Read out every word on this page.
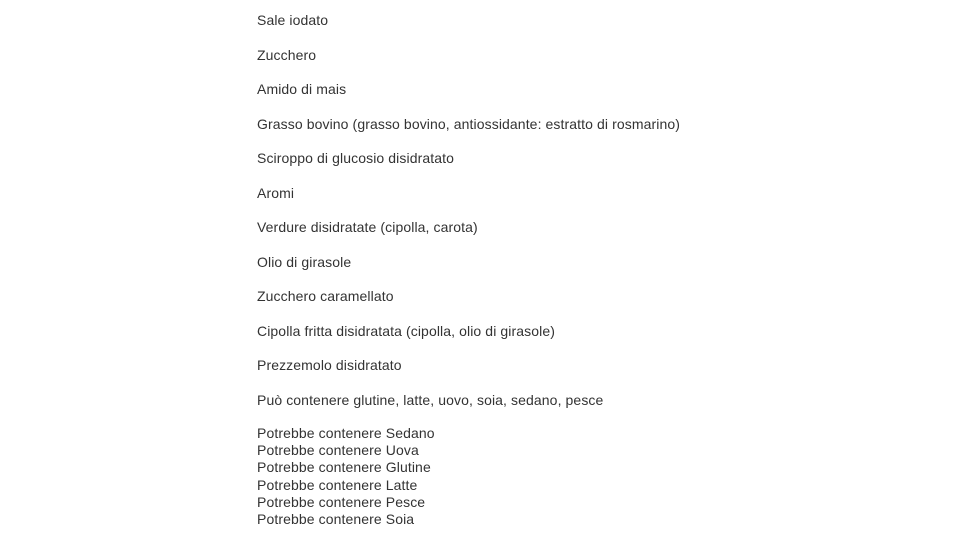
Sale iodato
Zucchero
Amido di mais
Grasso bovino (grasso bovino, antiossidante: estratto di rosmarino)
Sciroppo di glucosio disidratato
Aromi
Verdure disidratate (cipolla, carota)
Olio di girasole
Zucchero caramellato
Cipolla fritta disidratata (cipolla, olio di girasole)
Prezzemolo disidratato
Può contenere glutine, latte, uovo, soia, sedano, pesce
Potrebbe contenere Sedano
Potrebbe contenere Uova
Potrebbe contenere Glutine
Potrebbe contenere Latte
Potrebbe contenere Pesce
Potrebbe contenere Soia
